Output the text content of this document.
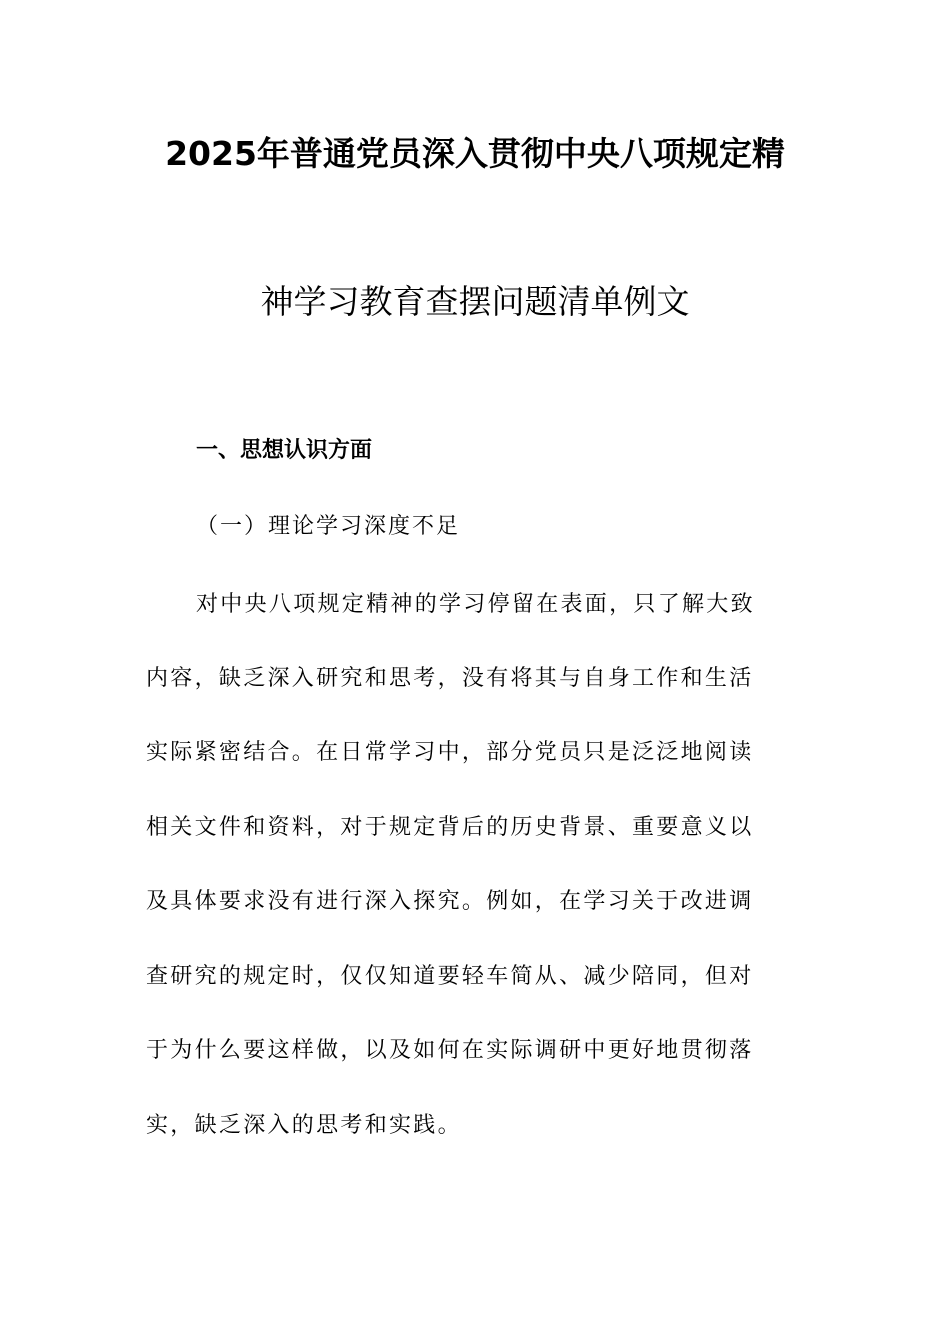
2025年普通党员深入贯彻中央八项规定精
神学习教育查摆问题清单例文
一、思想认识方面
（一）理论学习深度不足
对中央八项规定精神的学习停留在表面，只了解大致
内容，缺乏深入研究和思考，没有将其与自身工作和生活
实际紧密结合。在日常学习中，部分党员只是泛泛地阅读
相关文件和资料，对于规定背后的历史背景、重要意义以
及具体要求没有进行深入探究。例如，在学习关于改进调
查研究的规定时，仅仅知道要轻车简从、减少陪同，但对
于为什么要这样做，以及如何在实际调研中更好地贯彻落
实，缺乏深入的思考和实践。
